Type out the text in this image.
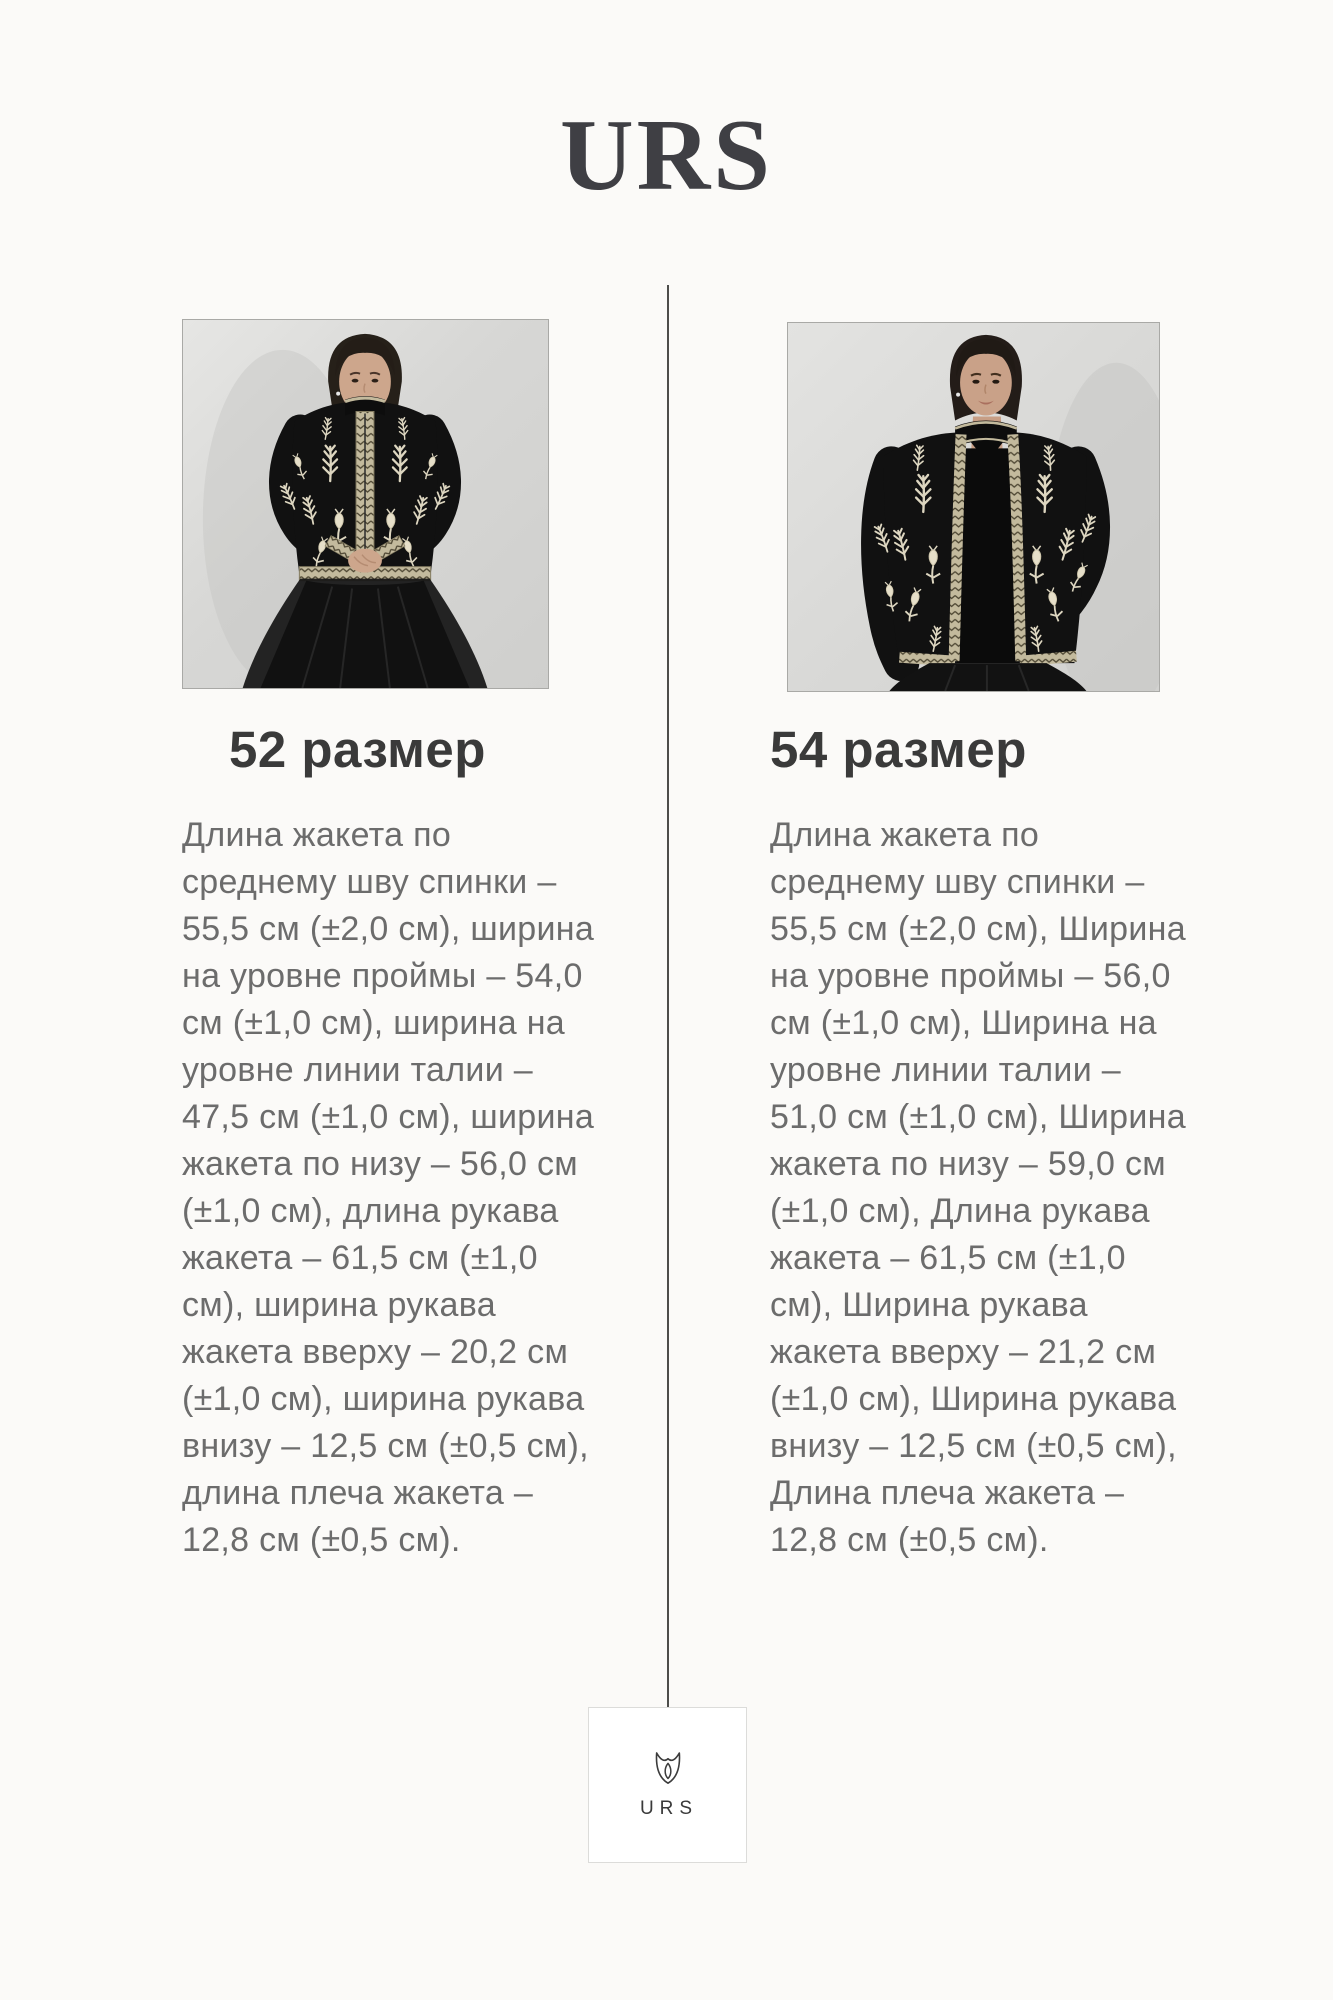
URS
52 размер	54 размер

Длина жакета по среднему шву спинки – 55,5 см (±2,0 см), ширина на уровне проймы – 54,0 см (±1,0 см), ширина на уровне линии талии – 47,5 см (±1,0 см), ширина жакета по низу – 56,0 см (±1,0 см), длина рукава жакета – 61,5 см (±1,0 см), ширина рукава жакета вверху – 20,2 см (±1,0 см), ширина рукава внизу – 12,5 см (±0,5 см), длина плеча жакета – 12,8 см (±0,5 см).

Длина жакета по среднему шву спинки – 55,5 см (±2,0 см), Ширина на уровне проймы – 56,0 см (±1,0 см), Ширина на уровне линии талии – 51,0 см (±1,0 см), Ширина жакета по низу – 59,0 см (±1,0 см), Длина рукава жакета – 61,5 см (±1,0 см), Ширина рукава жакета вверху – 21,2 см (±1,0 см), Ширина рукава внизу – 12,5 см (±0,5 см), Длина плеча жакета – 12,8 см (±0,5 см).

URS
